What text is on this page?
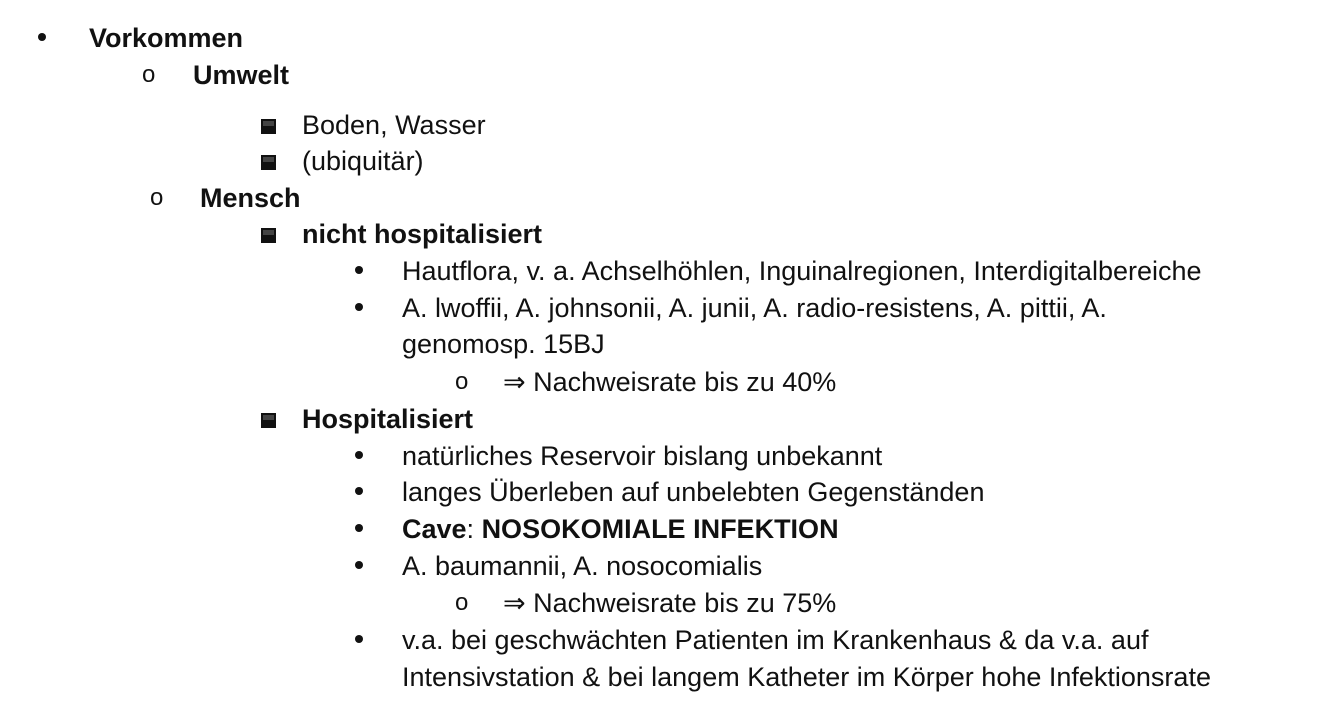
Vorkommen
o Umwelt
Boden, Wasser
(ubiquitär)
o Mensch
nicht hospitalisiert
Hautflora, v. a. Achselhöhlen, Inguinalregionen, Interdigitalbereiche
A. lwoffii, A. johnsonii, A. junii, A. radio-resistens, A. pittii, A.
genomosp. 15BJ
o ⇒ Nachweisrate bis zu 40%
Hospitalisiert
natürliches Reservoir bislang unbekannt
langes Überleben auf unbelebten Gegenständen
Cave: NOSOKOMIALE INFEKTION
A. baumannii, A. nosocomialis
o ⇒ Nachweisrate bis zu 75%
v.a. bei geschwächten Patienten im Krankenhaus & da v.a. auf
Intensivstation & bei langem Katheter im Körper hohe Infektionsrate
